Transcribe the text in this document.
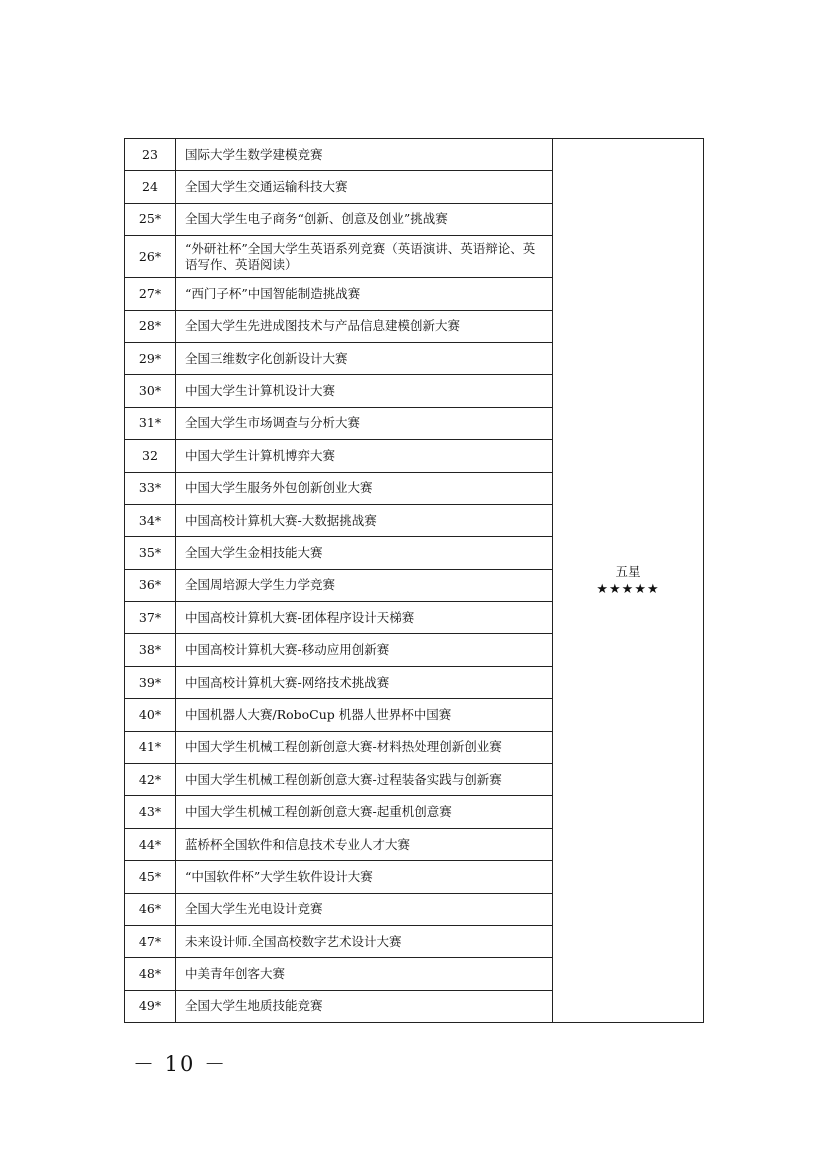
23	国际大学生数学建模竞赛	五星
★★★★★

24	全国大学生交通运输科技大赛	
25*	全国大学生电子商务“创新、创意及创业”挑战赛	
26*	“外研社杯”全国大学生英语系列竞赛（英语演讲、英语辩论、英语写作、英语阅读）	
27*	“西门子杯”中国智能制造挑战赛	
28*	全国大学生先进成图技术与产品信息建模创新大赛	
29*	全国三维数字化创新设计大赛	
30*	中国大学生计算机设计大赛	
31*	全国大学生市场调查与分析大赛	
32	中国大学生计算机博弈大赛	
33*	中国大学生服务外包创新创业大赛	
34*	中国高校计算机大赛-大数据挑战赛	
35*	全国大学生金相技能大赛	
36*	全国周培源大学生力学竞赛	
37*	中国高校计算机大赛-团体程序设计天梯赛	
38*	中国高校计算机大赛-移动应用创新赛	
39*	中国高校计算机大赛-网络技术挑战赛	
40*	中国机器人大赛/RoboCup 机器人世界杯中国赛	
41*	中国大学生机械工程创新创意大赛-材料热处理创新创业赛	
42*	中国大学生机械工程创新创意大赛-过程装备实践与创新赛	
43*	中国大学生机械工程创新创意大赛-起重机创意赛	
44*	蓝桥杯全国软件和信息技术专业人才大赛	
45*	“中国软件杯”大学生软件设计大赛	
46*	全国大学生光电设计竞赛	
47*	未来设计师.全国高校数字艺术设计大赛	
48*	中美青年创客大赛	
49*	全国大学生地质技能竞赛	
－ 10 －
